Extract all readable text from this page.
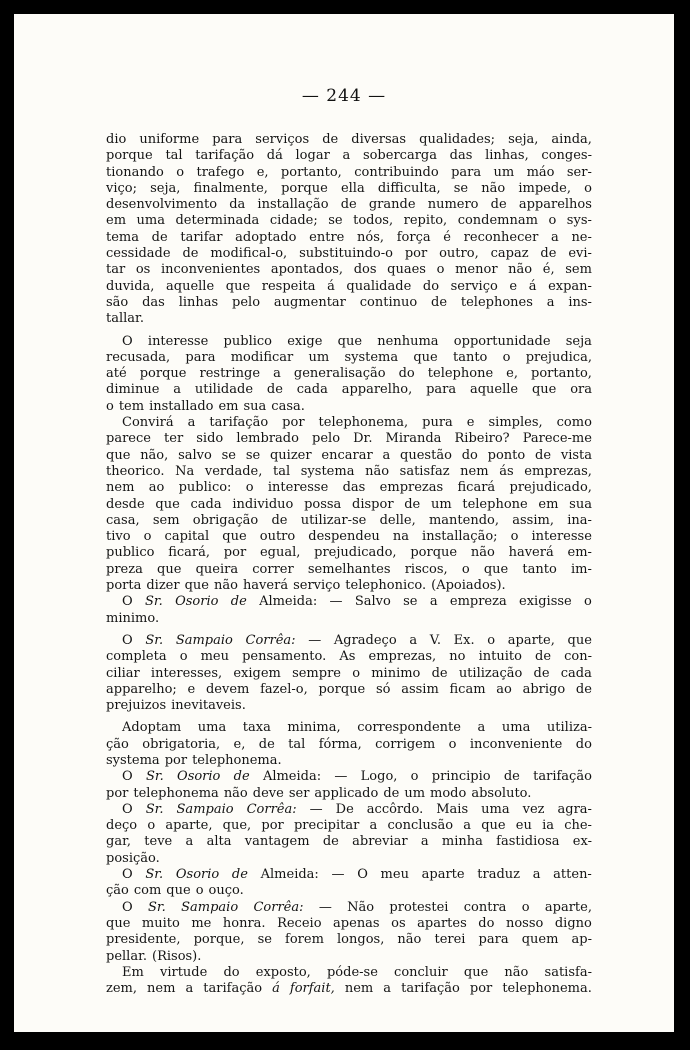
— 244 —
dio uniforme para serviços de diversas qualidades; seja, ainda,
porque tal tarifação dá logar a sobercarga das linhas, conges-
tionando o trafego e, portanto, contribuindo para um máo ser-
viço; seja, finalmente, porque ella difficulta, se não impede, o
desenvolvimento da installação de grande numero de apparelhos
em uma determinada cidade; se todos, repito, condemnam o sys-
tema de tarifar adoptado entre nós, força é reconhecer a ne-
cessidade de modifical-o, substituindo-o por outro, capaz de evi-
tar os inconvenientes apontados, dos quaes o menor não é, sem
duvida, aquelle que respeita á qualidade do serviço e á expan-
são das linhas pelo augmentar continuo de telephones a ins-
tallar.
O interesse publico exige que nenhuma opportunidade seja
recusada, para modificar um systema que tanto o prejudica,
até porque restringe a generalisação do telephone e, portanto,
diminue a utilidade de cada apparelho, para aquelle que ora
o tem installado em sua casa.
Convirá a tarifação por telephonema, pura e simples, como
parece ter sido lembrado pelo Dr. Miranda Ribeiro? Parece-me
que não, salvo se se quizer encarar a questão do ponto de vista
theorico. Na verdade, tal systema não satisfaz nem ás emprezas,
nem ao publico: o interesse das emprezas ficará prejudicado,
desde que cada individuo possa dispor de um telephone em sua
casa, sem obrigação de utilizar-se delle, mantendo, assim, ina-
tivo o capital que outro despendeu na installação; o interesse
publico ficará, por egual, prejudicado, porque não haverá em-
preza que queira correr semelhantes riscos, o que tanto im-
porta dizer que não haverá serviço telephonico. (Apoiados).
O Sr. Osorio de Almeida: — Salvo se a empreza exigisse o
minimo.
O Sr. Sampaio Corrêa: — Agradeço a V. Ex. o aparte, que
completa o meu pensamento. As emprezas, no intuito de con-
ciliar interesses, exigem sempre o minimo de utilização de cada
apparelho; e devem fazel-o, porque só assim ficam ao abrigo de
prejuizos inevitaveis.
Adoptam uma taxa minima, correspondente a uma utiliza-
ção obrigatoria, e, de tal fórma, corrigem o inconveniente do
systema por telephonema.
O Sr. Osorio de Almeida: — Logo, o principio de tarifação
por telephonema não deve ser applicado de um modo absoluto.
O Sr. Sampaio Corrêa: — De accôrdo. Mais uma vez agra-
deço o aparte, que, por precipitar a conclusão a que eu ia che-
gar, teve a alta vantagem de abreviar a minha fastidiosa ex-
posição.
O Sr. Osorio de Almeida: — O meu aparte traduz a atten-
ção com que o ouço.
O Sr. Sampaio Corrêa: — Não protestei contra o aparte,
que muito me honra. Receio apenas os apartes do nosso digno
presidente, porque, se forem longos, não terei para quem ap-
pellar. (Risos).
Em virtude do exposto, póde-se concluir que não satisfa-
zem, nem a tarifação á forfait, nem a tarifação por telephonema.
